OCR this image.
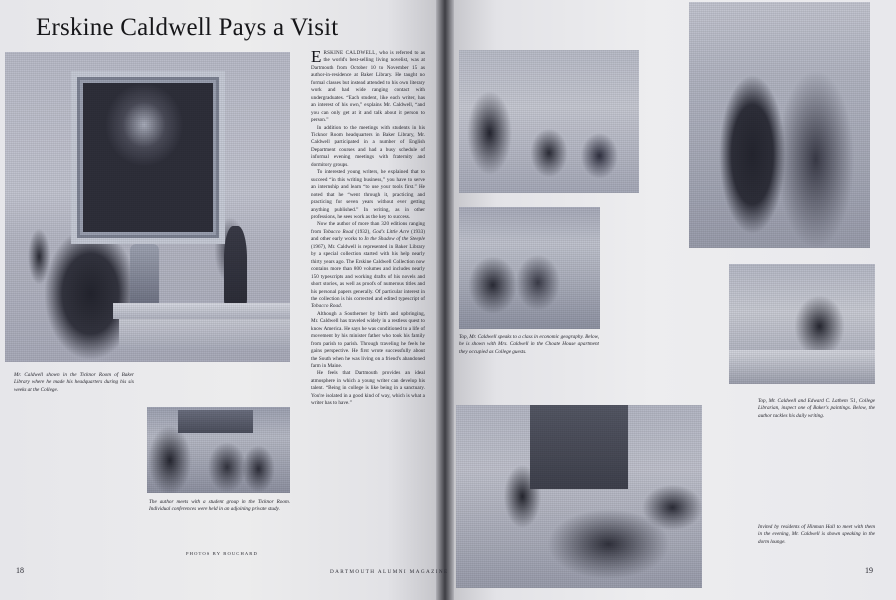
Erskine Caldwell Pays a Visit
Mr. Caldwell shown in the Ticknor Room of Baker Library where he made his headquarters during his six weeks at the College.
The author meets with a student group in the Ticknor Room. Individual conferences were held in an adjoining private study.
PHOTOS BY BOUCHARD

ERSKINE CALDWELL, who is referred to as the world's best-selling living novelist, was at Dartmouth from October 10 to November 15 as author-in-residence at Baker Library. He taught no formal classes but instead attended to his own literary work and had wide ranging contact with undergraduates. “Each student, like each writer, has an interest of his own,” explains Mr. Caldwell, “and you can only get at it and talk about it person to person.”

In addition to the meetings with students in his Ticknor Room headquarters in Baker Library, Mr. Caldwell participated in a number of English Department courses and had a busy schedule of informal evening meetings with fraternity and dormitory groups.

To interested young writers, he explained that to succeed “in this writing business,” you have to serve an internship and learn “to use your tools first.” He noted that he “went through it, practicing and practicing for seven years without ever getting anything published.” In writing, as in other professions, he sees work as the key to success.

Now the author of more than 320 editions ranging from Tobacco Road (1932), God's Little Acre (1933) and other early works to In the Shadow of the Steeple (1967), Mr. Caldwell is represented in Baker Library by a special collection started with his help nearly thirty years ago. The Erskine Caldwell Collection now contains more than 800 volumes and includes nearly 150 typescripts and working drafts of his novels and short stories, as well as proofs of numerous titles and his personal papers generally. Of particular interest in the collection is his corrected and edited typescript of Tobacco Road.

Although a Southerner by birth and upbringing, Mr. Caldwell has traveled widely in a restless quest to know America. He says he was conditioned to a life of movement by his minister father who took his family from parish to parish. Through traveling he feels he gains perspective. He first wrote successfully about the South when he was living on a friend's abandoned farm in Maine.

He feels that Dartmouth provides an ideal atmosphere in which a young writer can develop his talent. “Being in college is like being in a sanctuary. You're isolated in a good kind of way, which is what a writer has to have.”

Top, Mr. Caldwell speaks to a class in economic geography. Below, he is shown with Mrs. Caldwell in the Choate House apartment they occupied as College guests.
Top, Mr. Caldwell and Edward C. Lathem '51, College Librarian, inspect one of Baker's paintings. Below, the author tackles his daily writing.
Invited by residents of Hinman Hall to meet with them in the evening, Mr. Caldwell is shown speaking in the dorm lounge.
18	DARTMOUTH ALUMNI MAGAZINE	19
